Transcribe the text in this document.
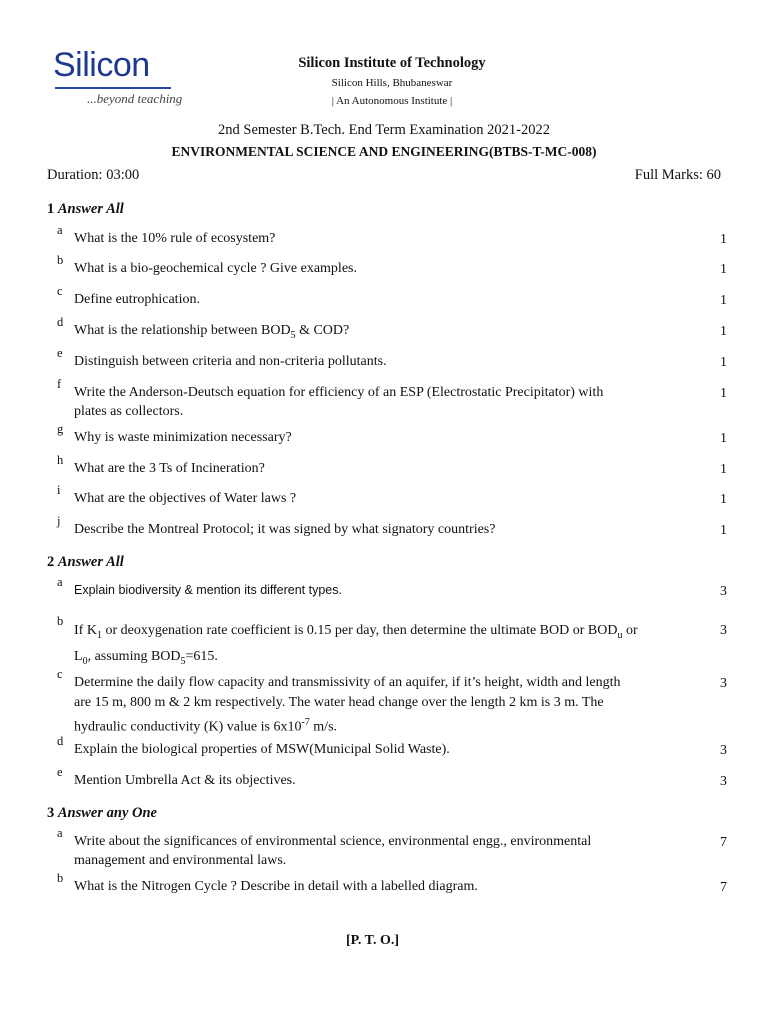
Silicon
...beyond teaching
Silicon Institute of Technology
Silicon Hills, Bhubaneswar
| An Autonomous Institute |
2nd Semester B.Tech. End Term Examination 2021-2022
ENVIRONMENTAL SCIENCE AND ENGINEERING(BTBS-T-MC-008)
Duration: 03:00	Full Marks: 60
1 Answer All
a
What is the 10% rule of ecosystem?	1
b
What is a bio-geochemical cycle ? Give examples.	1
c
Define eutrophication.	1
d
What is the relationship between $BOD_5$ & COD?	1
e
Distinguish between criteria and non-criteria pollutants.	1
f
Write the Anderson-Deutsch equation for efficiency of an ESP (Electrostatic Precipitator) with plates as collectors.
1
g
Why is waste minimization necessary?	1
h
What are the 3 Ts of Incineration?	1
i
What are the objectives of Water laws ?	1
j
Describe the Montreal Protocol; it was signed by what signatory countries?	1
2 Answer All
a
Explain biodiversity & mention its different types.	3
b
If $K_1$ or deoxygenation rate coefficient is 0.15 per day, then determine the ultimate BOD or $BOD_u$ or $L_0$, assuming $BOD_5=615$.
3
c
Determine the daily flow capacity and transmissivity of an aquifer, if it’s height, width and length are 15 m, 800 m & 2 km respectively. The water head change over the length 2 km is 3 m. The hydraulic conductivity (K) value is $6x10^{-7}$ m/s.
3
d
Explain the biological properties of MSW(Municipal Solid Waste).	3
e
Mention Umbrella Act & its objectives.	3
3 Answer any One
a
Write about the significances of environmental science, environmental engg., environmental management and environmental laws.
7
b
What is the Nitrogen Cycle ? Describe in detail with a labelled diagram.	7
[P. T. O.]
